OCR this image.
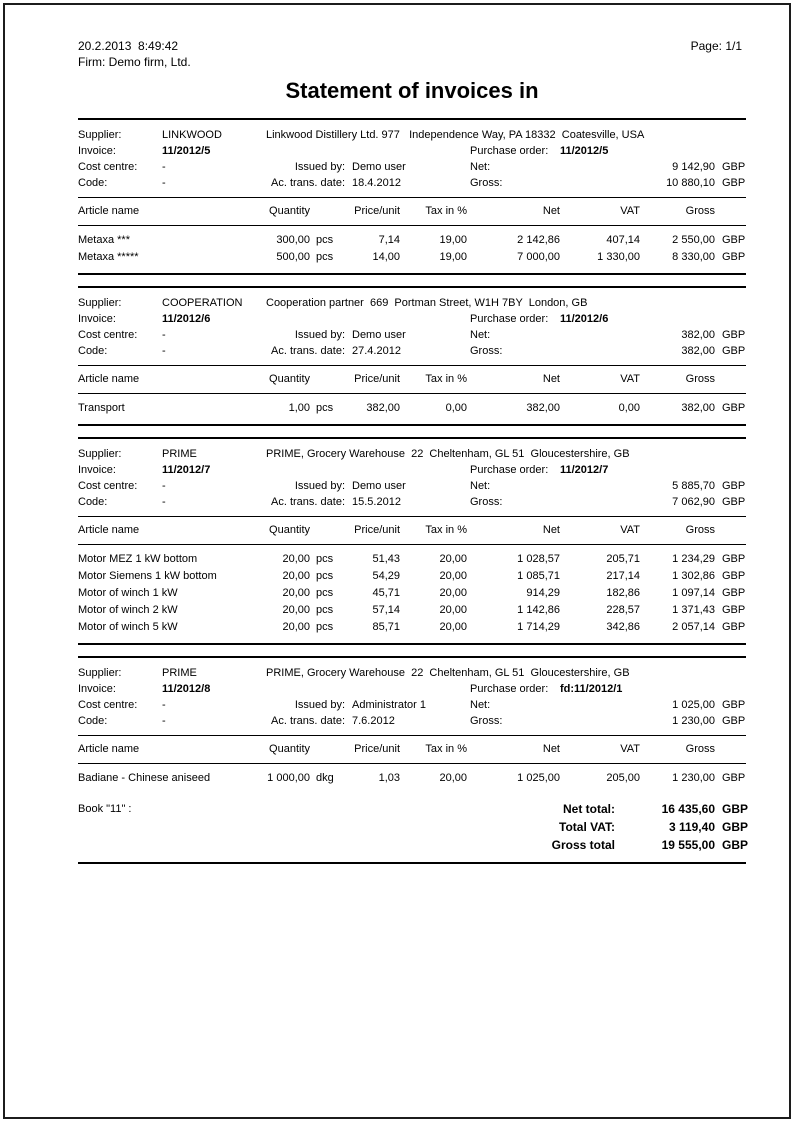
20.2.2013  8:49:42
Firm: Demo firm, Ltd.
Page: 1/1
Statement of invoices in
Supplier:	LINKWOOD	Linkwood Distillery Ltd. 977   Independence Way, PA 18332  Coatesville, USA
Invoice:	11/2012/5	Purchase order: 11/2012/5
Cost centre: -	Issued by: Demo user	Net:	9 142,90 GBP
Code:	-	Ac. trans. date: 18.4.2012	Gross:	10 880,10 GBP
Article name	Quantity		Price/unit	Tax in %	Net	VAT	Gross	
Metaxa ***	300,00	pcs	7,14	19,00	2 142,86	407,14	2 550,00	GBP
Metaxa *****	500,00	pcs	14,00	19,00	7 000,00	1 330,00	8 330,00	GBP
Supplier:	COOPERATION Cooperation partner  669  Portman Street, W1H 7BY  London, GB
Invoice:	11/2012/6	Purchase order: 11/2012/6
Cost centre: -	Issued by: Demo user	Net:	382,00 GBP
Code:	-	Ac. trans. date: 27.4.2012	Gross:	382,00 GBP
Article name	Quantity		Price/unit	Tax in %	Net	VAT	Gross	
Transport	1,00	pcs	382,00	0,00	382,00	0,00	382,00	GBP
Supplier:	PRIME	PRIME, Grocery Warehouse  22  Cheltenham, GL 51  Gloucestershire, GB
Invoice:	11/2012/7	Purchase order: 11/2012/7
Cost centre: -	Issued by: Demo user	Net:	5 885,70 GBP
Code:	-	Ac. trans. date: 15.5.2012	Gross:	7 062,90 GBP
Article name	Quantity		Price/unit	Tax in %	Net	VAT	Gross	
Motor MEZ 1 kW bottom	20,00	pcs	51,43	20,00	1 028,57	205,71	1 234,29	GBP
Motor Siemens 1 kW bottom	20,00	pcs	54,29	20,00	1 085,71	217,14	1 302,86	GBP
Motor of winch 1 kW	20,00	pcs	45,71	20,00	914,29	182,86	1 097,14	GBP
Motor of winch 2 kW	20,00	pcs	57,14	20,00	1 142,86	228,57	1 371,43	GBP
Motor of winch 5 kW	20,00	pcs	85,71	20,00	1 714,29	342,86	2 057,14	GBP
Supplier:	PRIME	PRIME, Grocery Warehouse  22  Cheltenham, GL 51  Gloucestershire, GB
Invoice:	11/2012/8	Purchase order: fd:11/2012/1
Cost centre: -	Issued by: Administrator 1	Net:	1 025,00 GBP
Code:	-	Ac. trans. date: 7.6.2012	Gross:	1 230,00 GBP
Article name	Quantity		Price/unit	Tax in %	Net	VAT	Gross	
Badiane - Chinese aniseed	1 000,00	dkg	1,03	20,00	1 025,00	205,00	1 230,00	GBP
Book "11" :	Net total:	16 435,60 GBP
Total VAT:	3 119,40 GBP
Gross total	19 555,00 GBP
